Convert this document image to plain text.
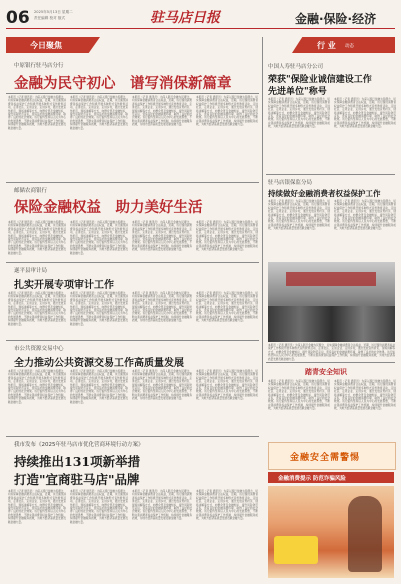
06 2025年5月13日 星期二
责任编辑 校对 版式	驻马店日报	金融·保险·经济
今日聚焦
中原银行驻马店分行
金融为民守初心　谱写消保新篇章
本报讯（记者 通讯员）为深入践行金融为民理念，切实保障金融消费者合法权益，近期，该行围绕消费者权益保护工作积极开展多种形式宣传教育活动，走进社区、走进企业、走进乡村，通过发放宣传折页、现场讲解等方式，向群众普及金融知识，提升风险防范意识，营造良好的金融消费环境，取得了良好的社会效果。该行始终坚持以人民为中心的发展思想，不断完善消费者权益保护工作机制，持续提升金融服务质效，为地方经济高质量发展贡献金融力量。
本报讯（记者 通讯员）为深入践行金融为民理念，切实保障金融消费者合法权益，近期，该行围绕消费者权益保护工作积极开展多种形式宣传教育活动，走进社区、走进企业、走进乡村，通过发放宣传折页、现场讲解等方式，向群众普及金融知识，提升风险防范意识，营造良好的金融消费环境，取得了良好的社会效果。该行始终坚持以人民为中心的发展思想，不断完善消费者权益保护工作机制，持续提升金融服务质效，为地方经济高质量发展贡献金融力量。
本报讯（记者 通讯员）为深入践行金融为民理念，切实保障金融消费者合法权益，近期，该行围绕消费者权益保护工作积极开展多种形式宣传教育活动，走进社区、走进企业、走进乡村，通过发放宣传折页、现场讲解等方式，向群众普及金融知识，提升风险防范意识，营造良好的金融消费环境，取得了良好的社会效果。该行始终坚持以人民为中心的发展思想，不断完善消费者权益保护工作机制，持续提升金融服务质效，为地方经济高质量发展贡献金融力量。
本报讯（记者 通讯员）为深入践行金融为民理念，切实保障金融消费者合法权益，近期，该行围绕消费者权益保护工作积极开展多种形式宣传教育活动，走进社区、走进企业、走进乡村，通过发放宣传折页、现场讲解等方式，向群众普及金融知识，提升风险防范意识，营造良好的金融消费环境，取得了良好的社会效果。该行始终坚持以人民为中心的发展思想，不断完善消费者权益保护工作机制，持续提升金融服务质效，为地方经济高质量发展贡献金融力量。
邮储农商银行
保险金融权益　助力美好生活
本报讯（记者 通讯员）为深入践行金融为民理念，切实保障金融消费者合法权益，近期，该行围绕消费者权益保护工作积极开展多种形式宣传教育活动，走进社区、走进企业、走进乡村，通过发放宣传折页、现场讲解等方式，向群众普及金融知识，提升风险防范意识，营造良好的金融消费环境，取得了良好的社会效果。该行始终坚持以人民为中心的发展思想，不断完善消费者权益保护工作机制，持续提升金融服务质效，为地方经济高质量发展贡献金融力量。
本报讯（记者 通讯员）为深入践行金融为民理念，切实保障金融消费者合法权益，近期，该行围绕消费者权益保护工作积极开展多种形式宣传教育活动，走进社区、走进企业、走进乡村，通过发放宣传折页、现场讲解等方式，向群众普及金融知识，提升风险防范意识，营造良好的金融消费环境，取得了良好的社会效果。该行始终坚持以人民为中心的发展思想，不断完善消费者权益保护工作机制，持续提升金融服务质效，为地方经济高质量发展贡献金融力量。
本报讯（记者 通讯员）为深入践行金融为民理念，切实保障金融消费者合法权益，近期，该行围绕消费者权益保护工作积极开展多种形式宣传教育活动，走进社区、走进企业、走进乡村，通过发放宣传折页、现场讲解等方式，向群众普及金融知识，提升风险防范意识，营造良好的金融消费环境，取得了良好的社会效果。该行始终坚持以人民为中心的发展思想，不断完善消费者权益保护工作机制，持续提升金融服务质效，为地方经济高质量发展贡献金融力量。
本报讯（记者 通讯员）为深入践行金融为民理念，切实保障金融消费者合法权益，近期，该行围绕消费者权益保护工作积极开展多种形式宣传教育活动，走进社区、走进企业、走进乡村，通过发放宣传折页、现场讲解等方式，向群众普及金融知识，提升风险防范意识，营造良好的金融消费环境，取得了良好的社会效果。该行始终坚持以人民为中心的发展思想，不断完善消费者权益保护工作机制，持续提升金融服务质效，为地方经济高质量发展贡献金融力量。
行 业 动态
中国人寿驻马店分公司
荣获"保险业诚信建设工作
先进单位"称号
本报讯（记者 通讯员）为深入践行金融为民理念，切实保障金融消费者合法权益，近期，该行围绕消费者权益保护工作积极开展多种形式宣传教育活动，走进社区、走进企业、走进乡村，通过发放宣传折页、现场讲解等方式，向群众普及金融知识，提升风险防范意识，营造良好的金融消费环境，取得了良好的社会效果。该行始终坚持以人民为中心的发展思想，不断完善消费者权益保护工作机制，持续提升金融服务质效，为地方经济高质量发展贡献金融力量。
本报讯（记者 通讯员）为深入践行金融为民理念，切实保障金融消费者合法权益，近期，该行围绕消费者权益保护工作积极开展多种形式宣传教育活动，走进社区、走进企业、走进乡村，通过发放宣传折页、现场讲解等方式，向群众普及金融知识，提升风险防范意识，营造良好的金融消费环境，取得了良好的社会效果。该行始终坚持以人民为中心的发展思想，不断完善消费者权益保护工作机制，持续提升金融服务质效，为地方经济高质量发展贡献金融力量。
驻马店银保监分局
持续做好金融消费者权益保护工作
本报讯（记者 通讯员）为深入践行金融为民理念，切实保障金融消费者合法权益，近期，该行围绕消费者权益保护工作积极开展多种形式宣传教育活动，走进社区、走进企业、走进乡村，通过发放宣传折页、现场讲解等方式，向群众普及金融知识，提升风险防范意识，营造良好的金融消费环境，取得了良好的社会效果。该行始终坚持以人民为中心的发展思想，不断完善消费者权益保护工作机制，持续提升金融服务质效，为地方经济高质量发展贡献金融力量。
本报讯（记者 通讯员）为深入践行金融为民理念，切实保障金融消费者合法权益，近期，该行围绕消费者权益保护工作积极开展多种形式宣传教育活动，走进社区、走进企业、走进乡村，通过发放宣传折页、现场讲解等方式，向群众普及金融知识，提升风险防范意识，营造良好的金融消费环境，取得了良好的社会效果。该行始终坚持以人民为中心的发展思想，不断完善消费者权益保护工作机制，持续提升金融服务质效，为地方经济高质量发展贡献金融力量。
本报讯（记者 通讯员）为深入践行金融为民理念，切实保障金融消费者合法权益，近期，该行围绕消费者权益保护工作积极开展多种形式宣传教育活动，走进社区、走进企业、走进乡村，通过发放宣传折页、现场讲解等方式，向群众普及金融知识，提升风险防范意识，营造良好的金融消费环境，取得了良好的社会效果。该行始终坚持以人民为中心的发展思想，不断完善消费者权益保护工作机制，持续提升金融服务质效，为地方经济高质量发展贡献金融力量。
遂平县审计局
扎实开展专项审计工作
本报讯（记者 通讯员）为深入践行金融为民理念，切实保障金融消费者合法权益，近期，该行围绕消费者权益保护工作积极开展多种形式宣传教育活动，走进社区、走进企业、走进乡村，通过发放宣传折页、现场讲解等方式，向群众普及金融知识，提升风险防范意识，营造良好的金融消费环境，取得了良好的社会效果。该行始终坚持以人民为中心的发展思想，不断完善消费者权益保护工作机制，持续提升金融服务质效，为地方经济高质量发展贡献金融力量。
本报讯（记者 通讯员）为深入践行金融为民理念，切实保障金融消费者合法权益，近期，该行围绕消费者权益保护工作积极开展多种形式宣传教育活动，走进社区、走进企业、走进乡村，通过发放宣传折页、现场讲解等方式，向群众普及金融知识，提升风险防范意识，营造良好的金融消费环境，取得了良好的社会效果。该行始终坚持以人民为中心的发展思想，不断完善消费者权益保护工作机制，持续提升金融服务质效，为地方经济高质量发展贡献金融力量。
本报讯（记者 通讯员）为深入践行金融为民理念，切实保障金融消费者合法权益，近期，该行围绕消费者权益保护工作积极开展多种形式宣传教育活动，走进社区、走进企业、走进乡村，通过发放宣传折页、现场讲解等方式，向群众普及金融知识，提升风险防范意识，营造良好的金融消费环境，取得了良好的社会效果。该行始终坚持以人民为中心的发展思想，不断完善消费者权益保护工作机制，持续提升金融服务质效，为地方经济高质量发展贡献金融力量。
本报讯（记者 通讯员）为深入践行金融为民理念，切实保障金融消费者合法权益，近期，该行围绕消费者权益保护工作积极开展多种形式宣传教育活动，走进社区、走进企业、走进乡村，通过发放宣传折页、现场讲解等方式，向群众普及金融知识，提升风险防范意识，营造良好的金融消费环境，取得了良好的社会效果。该行始终坚持以人民为中心的发展思想，不断完善消费者权益保护工作机制，持续提升金融服务质效，为地方经济高质量发展贡献金融力量。
市公共资源交易中心
全力推动公共资源交易工作高质量发展
本报讯（记者 通讯员）为深入践行金融为民理念，切实保障金融消费者合法权益，近期，该行围绕消费者权益保护工作积极开展多种形式宣传教育活动，走进社区、走进企业、走进乡村，通过发放宣传折页、现场讲解等方式，向群众普及金融知识，提升风险防范意识，营造良好的金融消费环境，取得了良好的社会效果。该行始终坚持以人民为中心的发展思想，不断完善消费者权益保护工作机制，持续提升金融服务质效，为地方经济高质量发展贡献金融力量。
本报讯（记者 通讯员）为深入践行金融为民理念，切实保障金融消费者合法权益，近期，该行围绕消费者权益保护工作积极开展多种形式宣传教育活动，走进社区、走进企业、走进乡村，通过发放宣传折页、现场讲解等方式，向群众普及金融知识，提升风险防范意识，营造良好的金融消费环境，取得了良好的社会效果。该行始终坚持以人民为中心的发展思想，不断完善消费者权益保护工作机制，持续提升金融服务质效，为地方经济高质量发展贡献金融力量。
本报讯（记者 通讯员）为深入践行金融为民理念，切实保障金融消费者合法权益，近期，该行围绕消费者权益保护工作积极开展多种形式宣传教育活动，走进社区、走进企业、走进乡村，通过发放宣传折页、现场讲解等方式，向群众普及金融知识，提升风险防范意识，营造良好的金融消费环境，取得了良好的社会效果。该行始终坚持以人民为中心的发展思想，不断完善消费者权益保护工作机制，持续提升金融服务质效，为地方经济高质量发展贡献金融力量。
本报讯（记者 通讯员）为深入践行金融为民理念，切实保障金融消费者合法权益，近期，该行围绕消费者权益保护工作积极开展多种形式宣传教育活动，走进社区、走进企业、走进乡村，通过发放宣传折页、现场讲解等方式，向群众普及金融知识，提升风险防范意识，营造良好的金融消费环境，取得了良好的社会效果。该行始终坚持以人民为中心的发展思想，不断完善消费者权益保护工作机制，持续提升金融服务质效，为地方经济高质量发展贡献金融力量。
踏青安全知识
本报讯（记者 通讯员）为深入践行金融为民理念，切实保障金融消费者合法权益，近期，该行围绕消费者权益保护工作积极开展多种形式宣传教育活动，走进社区、走进企业、走进乡村，通过发放宣传折页、现场讲解等方式，向群众普及金融知识，提升风险防范意识，营造良好的金融消费环境，取得了良好的社会效果。该行始终坚持以人民为中心的发展思想，不断完善消费者权益保护工作机制，持续提升金融服务质效，为地方经济高质量发展贡献金融力量。
本报讯（记者 通讯员）为深入践行金融为民理念，切实保障金融消费者合法权益，近期，该行围绕消费者权益保护工作积极开展多种形式宣传教育活动，走进社区、走进企业、走进乡村，通过发放宣传折页、现场讲解等方式，向群众普及金融知识，提升风险防范意识，营造良好的金融消费环境，取得了良好的社会效果。该行始终坚持以人民为中心的发展思想，不断完善消费者权益保护工作机制，持续提升金融服务质效，为地方经济高质量发展贡献金融力量。
金融安全需警惕
金融消费提示 防范诈骗风险
我市发布《2025年驻马店市优化营商环境行动方案》
持续推出131项新举措
打造"宜商驻马店"品牌
本报讯（记者 通讯员）为深入践行金融为民理念，切实保障金融消费者合法权益，近期，该行围绕消费者权益保护工作积极开展多种形式宣传教育活动，走进社区、走进企业、走进乡村，通过发放宣传折页、现场讲解等方式，向群众普及金融知识，提升风险防范意识，营造良好的金融消费环境，取得了良好的社会效果。该行始终坚持以人民为中心的发展思想，不断完善消费者权益保护工作机制，持续提升金融服务质效，为地方经济高质量发展贡献金融力量。
本报讯（记者 通讯员）为深入践行金融为民理念，切实保障金融消费者合法权益，近期，该行围绕消费者权益保护工作积极开展多种形式宣传教育活动，走进社区、走进企业、走进乡村，通过发放宣传折页、现场讲解等方式，向群众普及金融知识，提升风险防范意识，营造良好的金融消费环境，取得了良好的社会效果。该行始终坚持以人民为中心的发展思想，不断完善消费者权益保护工作机制，持续提升金融服务质效，为地方经济高质量发展贡献金融力量。
本报讯（记者 通讯员）为深入践行金融为民理念，切实保障金融消费者合法权益，近期，该行围绕消费者权益保护工作积极开展多种形式宣传教育活动，走进社区、走进企业、走进乡村，通过发放宣传折页、现场讲解等方式，向群众普及金融知识，提升风险防范意识，营造良好的金融消费环境，取得了良好的社会效果。该行始终坚持以人民为中心的发展思想，不断完善消费者权益保护工作机制，持续提升金融服务质效，为地方经济高质量发展贡献金融力量。
本报讯（记者 通讯员）为深入践行金融为民理念，切实保障金融消费者合法权益，近期，该行围绕消费者权益保护工作积极开展多种形式宣传教育活动，走进社区、走进企业、走进乡村，通过发放宣传折页、现场讲解等方式，向群众普及金融知识，提升风险防范意识，营造良好的金融消费环境，取得了良好的社会效果。该行始终坚持以人民为中心的发展思想，不断完善消费者权益保护工作机制，持续提升金融服务质效，为地方经济高质量发展贡献金融力量。
